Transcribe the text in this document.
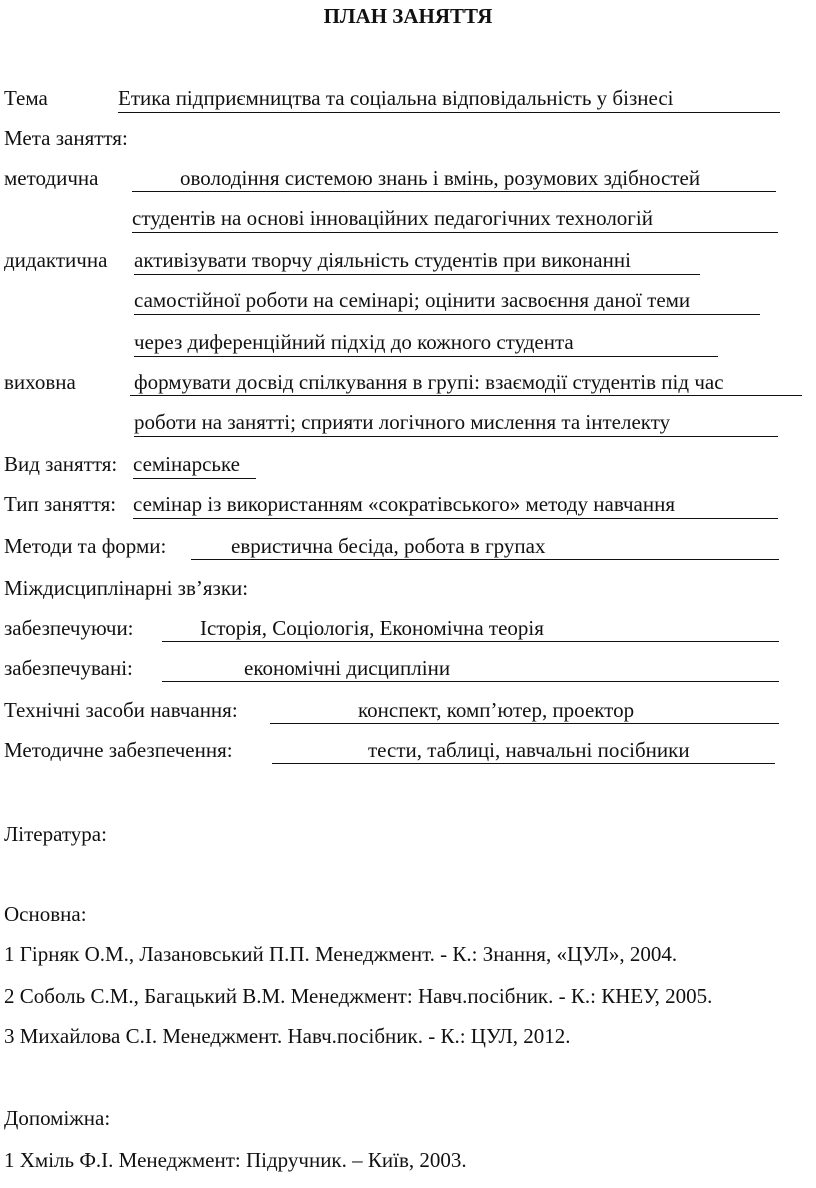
ПЛАН ЗАНЯТТЯ
Тема	Етика підприємництва та соціальна відповідальність у бізнесі
Мета заняття:
методична	оволодіння системою знань і вмінь, розумових здібностей
студентів на основі інноваційних педагогічних технологій
дидактична активізувати творчу діяльність студентів при виконанні
самостійної роботи на семінарі; оцінити засвоєння даної теми
через диференційний підхід до кожного студента
виховна	формувати досвід спілкування в групі: взаємодії студентів під час
роботи на занятті; сприяти логічного мислення та інтелекту
Вид заняття: семінарське
Тип заняття: семінар із використанням «сократівського» методу навчання
Методи та форми:	евристична бесіда, робота в групах
Міждисциплінарні зв’язки:
забезпечуючи:	Історія, Соціологія, Економічна теорія
забезпечувані:	економічні дисципліни
Технічні засоби навчання:	конспект, комп’ютер, проектор
Методичне забезпечення:	тести, таблиці, навчальні посібники
Література:
Основна:
1 Гірняк О.М., Лазановський П.П. Менеджмент. - К.: Знання, «ЦУЛ», 2004.
2 Соболь С.М., Багацький В.М. Менеджмент: Навч.посібник. - К.: КНЕУ, 2005.
3 Михайлова С.І. Менеджмент. Навч.посібник. - К.: ЦУЛ, 2012.
Допоміжна:
1 Хміль Ф.І. Менеджмент: Підручник. – Київ, 2003.
